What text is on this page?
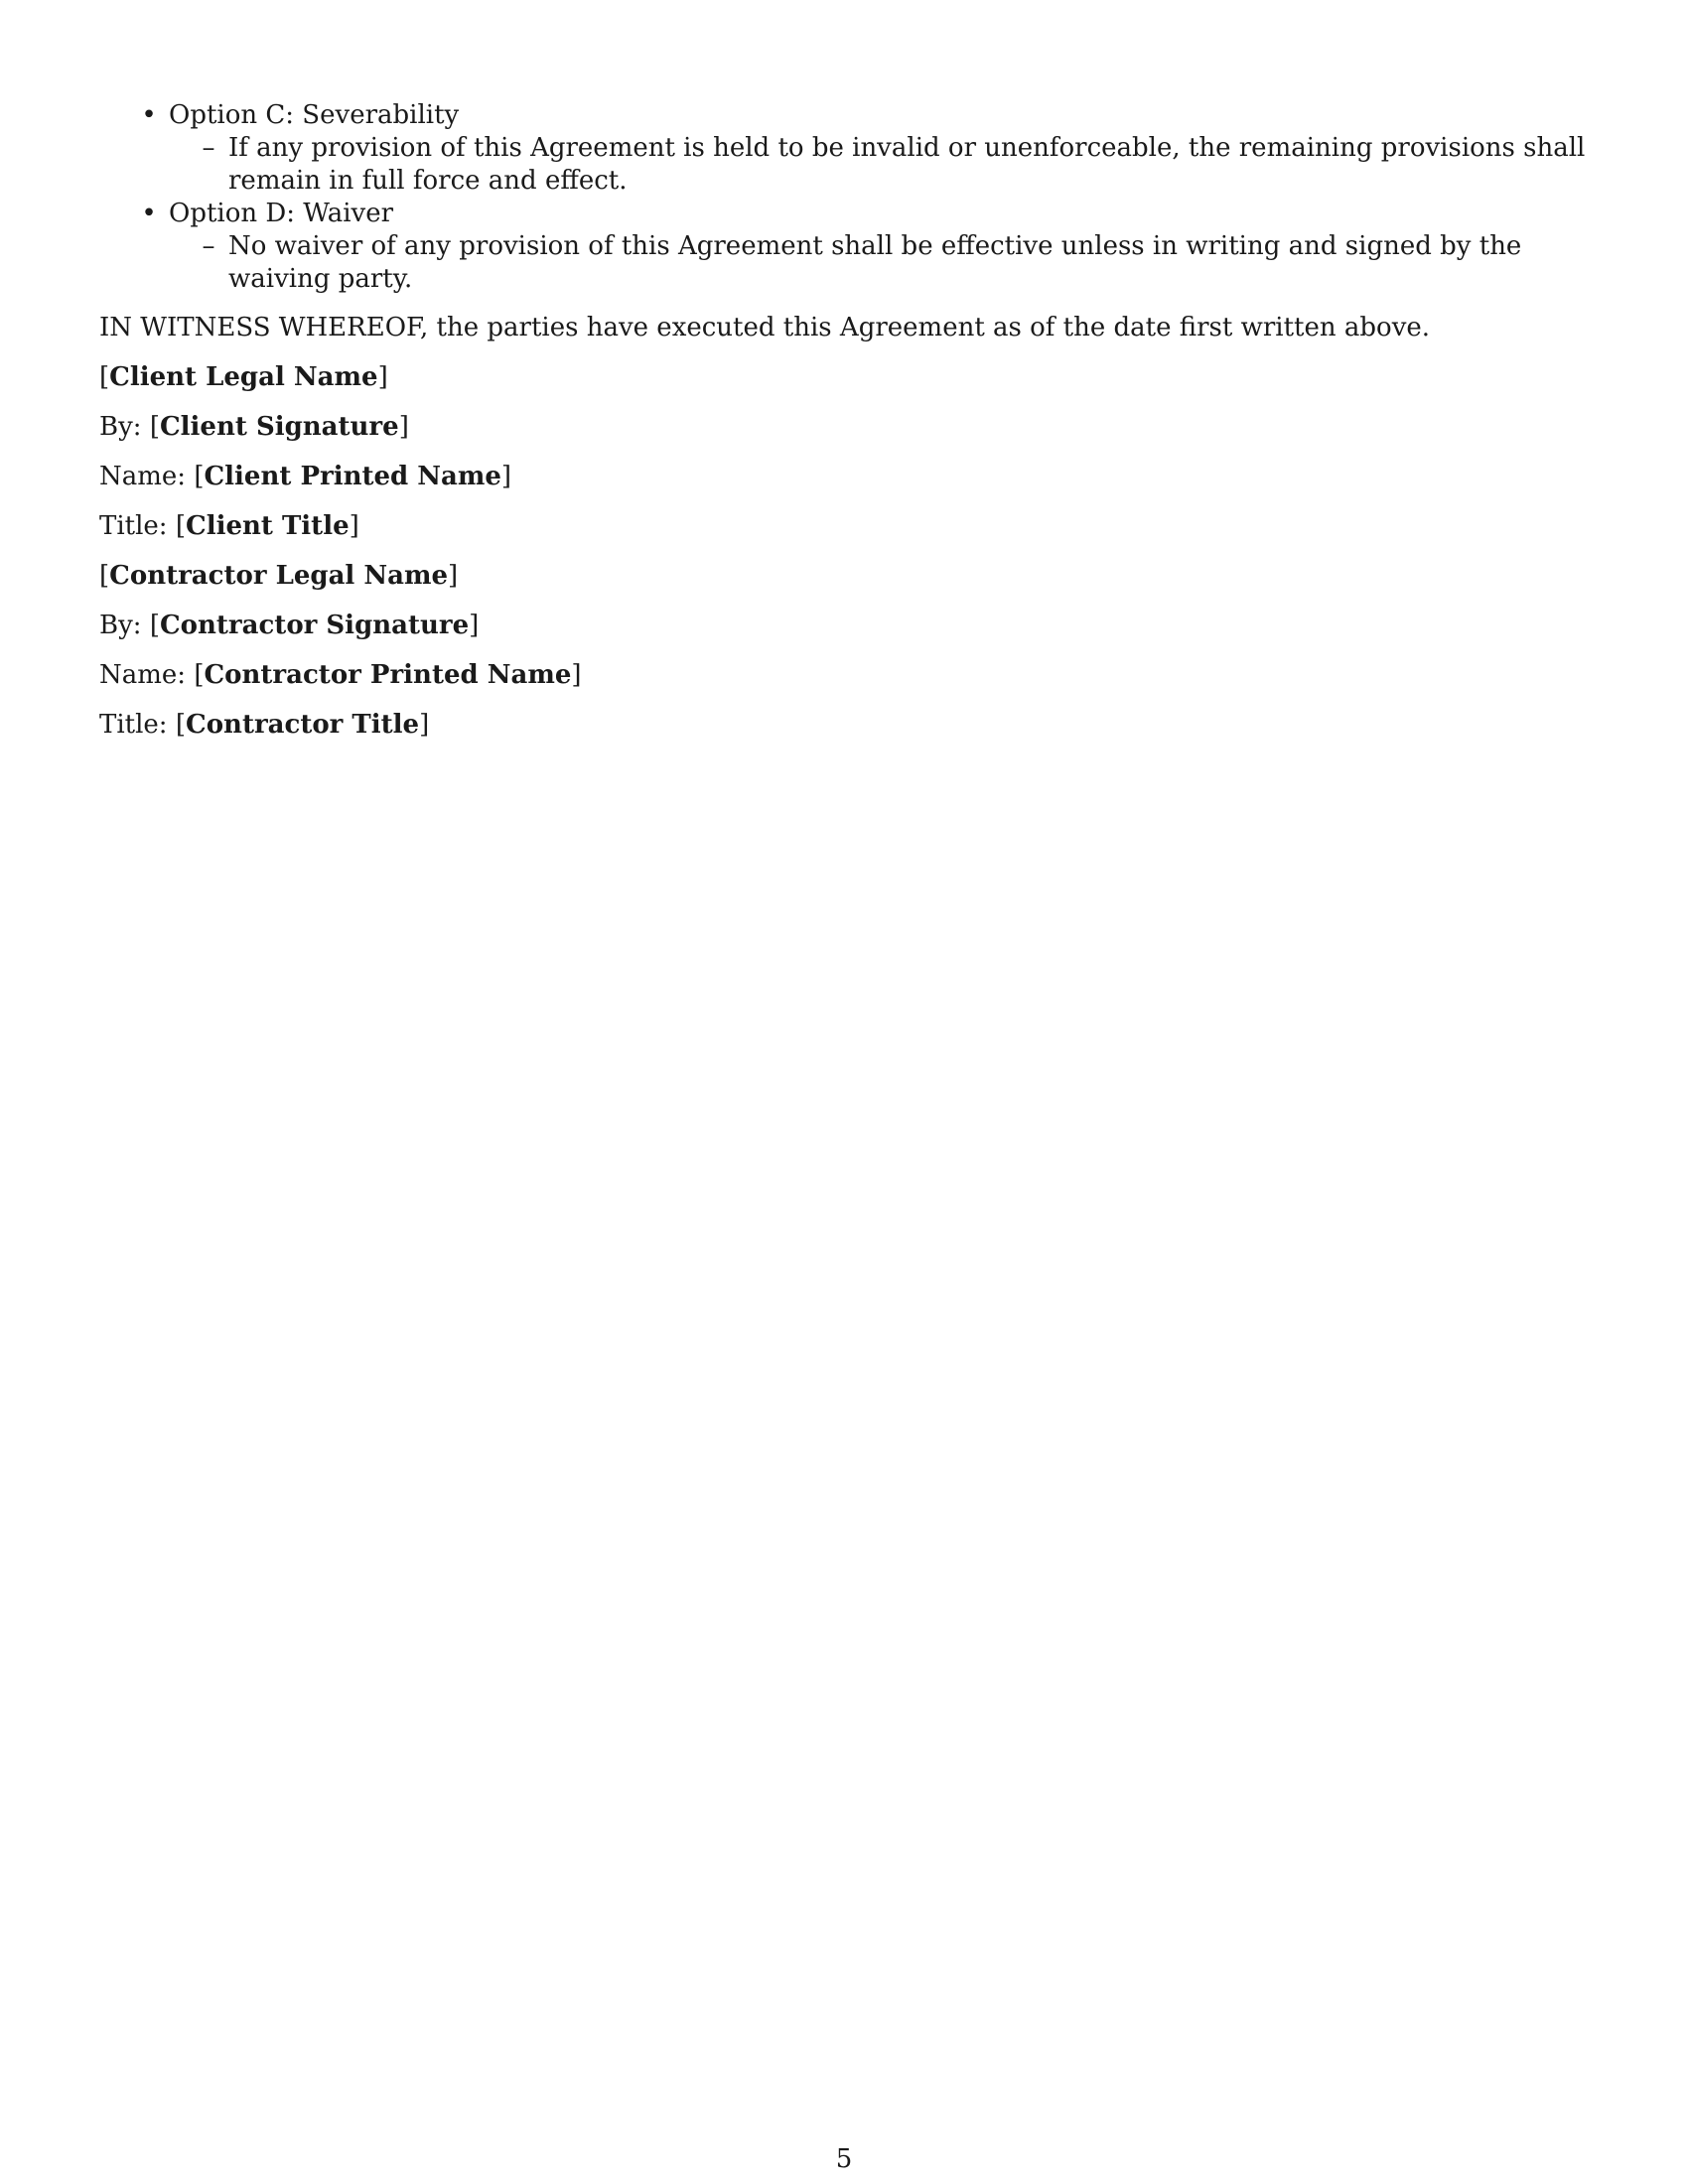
• Option C: Severability
– If any provision of this Agreement is held to be invalid or unenforceable, the remaining provisions shall remain in full force and effect.
• Option D: Waiver
– No waiver of any provision of this Agreement shall be effective unless in writing and signed by the waiving party.

IN WITNESS WHEREOF, the parties have executed this Agreement as of the date first written above.

[Client Legal Name]

By: [Client Signature]

Name: [Client Printed Name]

Title: [Client Title]

[Contractor Legal Name]

By: [Contractor Signature]

Name: [Contractor Printed Name]

Title: [Contractor Title]

5
